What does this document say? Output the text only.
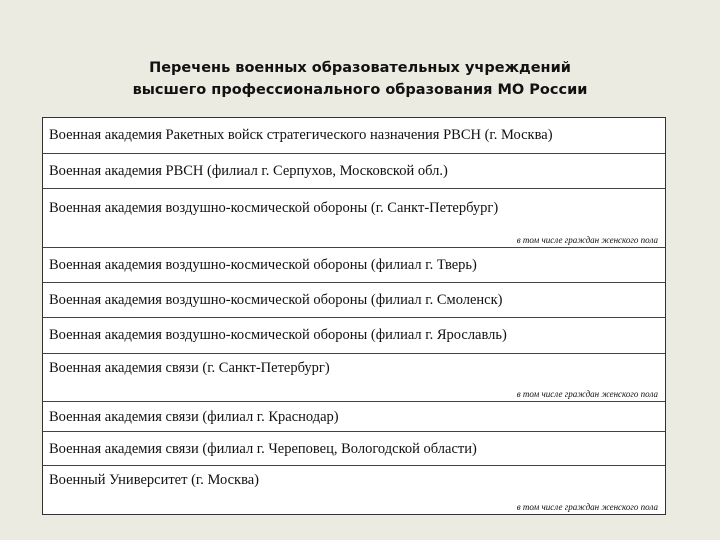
Перечень военных образовательных учреждений
высшего профессионального образования МО России
Военная академия Ракетных войск стратегического назначения РВСН (г. Москва)
Военная академия РВСН (филиал г. Серпухов, Московской обл.)
Военная академия воздушно-космической обороны (г. Санкт-Петербург)
в том числе граждан женского пола
Военная академия воздушно-космической обороны (филиал г. Тверь)
Военная академия воздушно-космической обороны (филиал г. Смоленск)
Военная академия воздушно-космической обороны (филиал г. Ярославль)
Военная академия связи (г. Санкт-Петербург)
в том числе граждан женского пола
Военная академия связи (филиал г. Краснодар)
Военная академия связи (филиал г. Череповец, Вологодской области)
Военный Университет (г. Москва)
в том числе граждан женского пола
